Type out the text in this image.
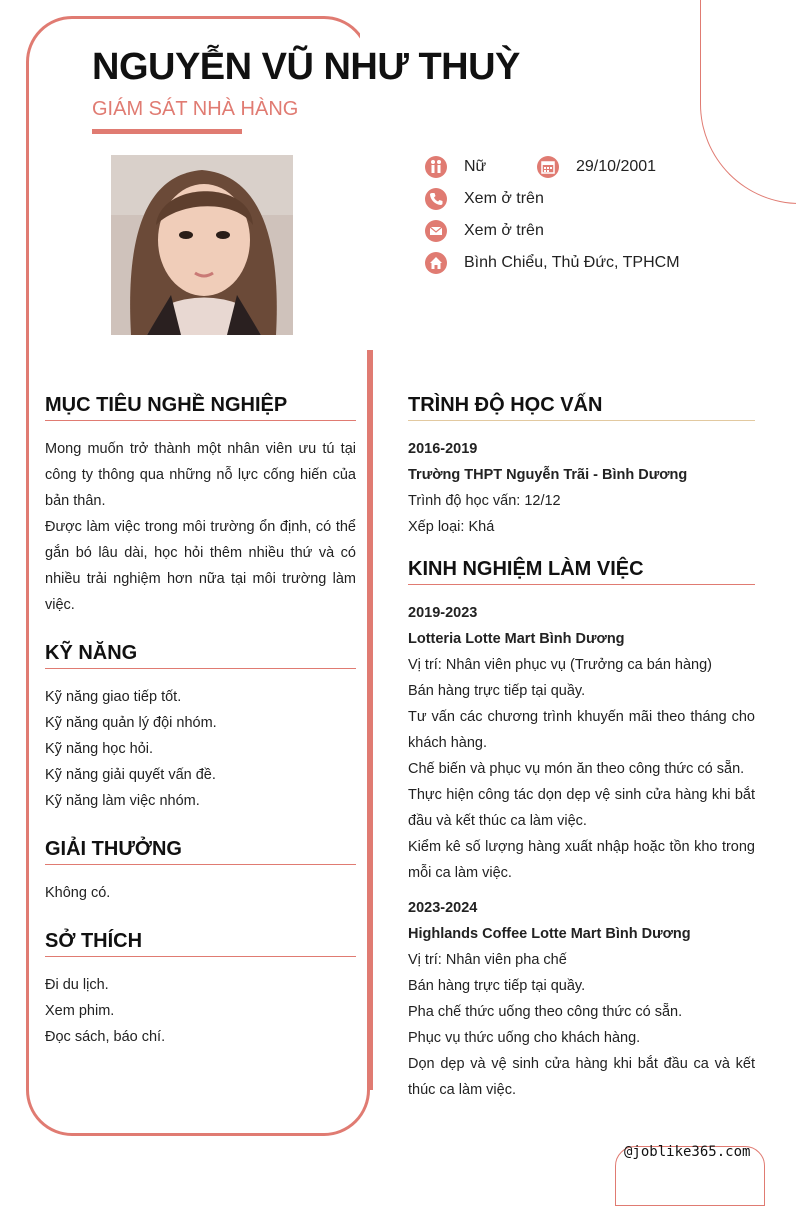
NGUYỄN VŨ NHƯ THUỲ
GIÁM SÁT NHÀ HÀNG
Nữ	29/10/2001
Xem ở trên
Xem ở trên
Bình Chiểu, Thủ Đức, TPHCM
MỤC TIÊU NGHỀ NGHIỆP
Mong muốn trở thành một nhân viên ưu tú tại công ty thông qua những nỗ lực cống hiến của bản thân.
Được làm việc trong môi trường ổn định, có thể gắn bó lâu dài, học hỏi thêm nhiều thứ và có nhiều trải nghiệm hơn nữa tại môi trường làm việc.
KỸ NĂNG
Kỹ năng giao tiếp tốt.
Kỹ năng quản lý đội nhóm.
Kỹ năng học hỏi.
Kỹ năng giải quyết vấn đề.
Kỹ năng làm việc nhóm.
GIẢI THƯỞNG
Không có.
SỞ THÍCH
Đi du lịch.
Xem phim.
Đọc sách, báo chí.
TRÌNH ĐỘ HỌC VẤN
2016-2019
Trường THPT Nguyễn Trãi - Bình Dương
Trình độ học vấn: 12/12
Xếp loại: Khá
KINH NGHIỆM LÀM VIỆC
2019-2023
Lotteria Lotte Mart Bình Dương
Vị trí: Nhân viên phục vụ (Trưởng ca bán hàng)
Bán hàng trực tiếp tại quầy.
Tư vấn các chương trình khuyến mãi theo tháng cho khách hàng.
Chế biến và phục vụ món ăn theo công thức có sẵn.
Thực hiện công tác dọn dẹp vệ sinh cửa hàng khi bắt đầu và kết thúc ca làm việc.
Kiểm kê số lượng hàng xuất nhập hoặc tồn kho trong mỗi ca làm việc.
2023-2024
Highlands Coffee Lotte Mart Bình Dương
Vị trí: Nhân viên pha chế
Bán hàng trực tiếp tại quầy.
Pha chế thức uống theo công thức có sẵn.
Phục vụ thức uống cho khách hàng.
Dọn dẹp và vệ sinh cửa hàng khi bắt đầu ca và kết thúc ca làm việc.
@joblike365.com
